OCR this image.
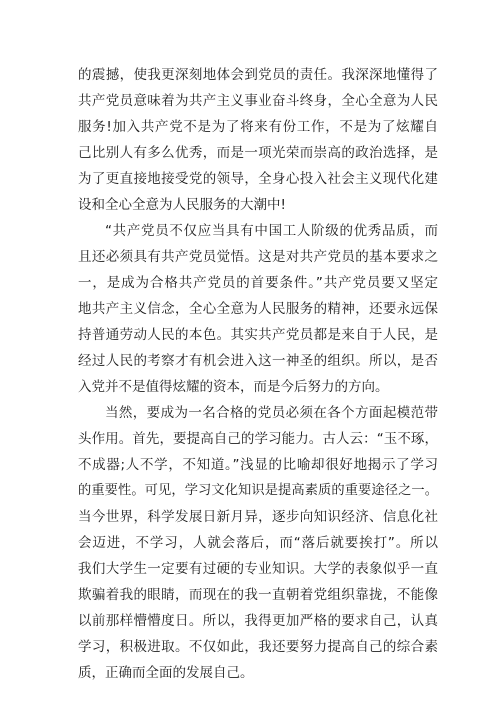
的震撼，使我更深刻地体会到党员的责任。我深深地懂得了
共产党员意味着为共产主义事业奋斗终身，全心全意为人民
服务!加入共产党不是为了将来有份工作，不是为了炫耀自
己比别人有多么优秀，而是一项光荣而崇高的政治选择，是
为了更直接地接受党的领导，全身心投入社会主义现代化建
设和全心全意为人民服务的大潮中!
“共产党员不仅应当具有中国工人阶级的优秀品质，而
且还必须具有共产党员觉悟。这是对共产党员的基本要求之
一，是成为合格共产党员的首要条件。”共产党员要又坚定
地共产主义信念，全心全意为人民服务的精神，还要永远保
持普通劳动人民的本色。其实共产党员都是来自于人民，是
经过人民的考察才有机会进入这一神圣的组织。所以，是否
入党并不是值得炫耀的资本，而是今后努力的方向。
当然，要成为一名合格的党员必须在各个方面起模范带
头作用。首先，要提高自己的学习能力。古人云：“玉不琢，
不成器;人不学，不知道。”浅显的比喻却很好地揭示了学习
的重要性。可见，学习文化知识是提高素质的重要途径之一。
当今世界，科学发展日新月异，逐步向知识经济、信息化社
会迈进，不学习，人就会落后，而“落后就要挨打”。所以
我们大学生一定要有过硬的专业知识。大学的表象似乎一直
欺骗着我的眼睛，而现在的我一直朝着党组织靠拢，不能像
以前那样懵懵度日。所以，我得更加严格的要求自己，认真
学习，积极进取。不仅如此，我还要努力提高自己的综合素
质，正确而全面的发展自己。
